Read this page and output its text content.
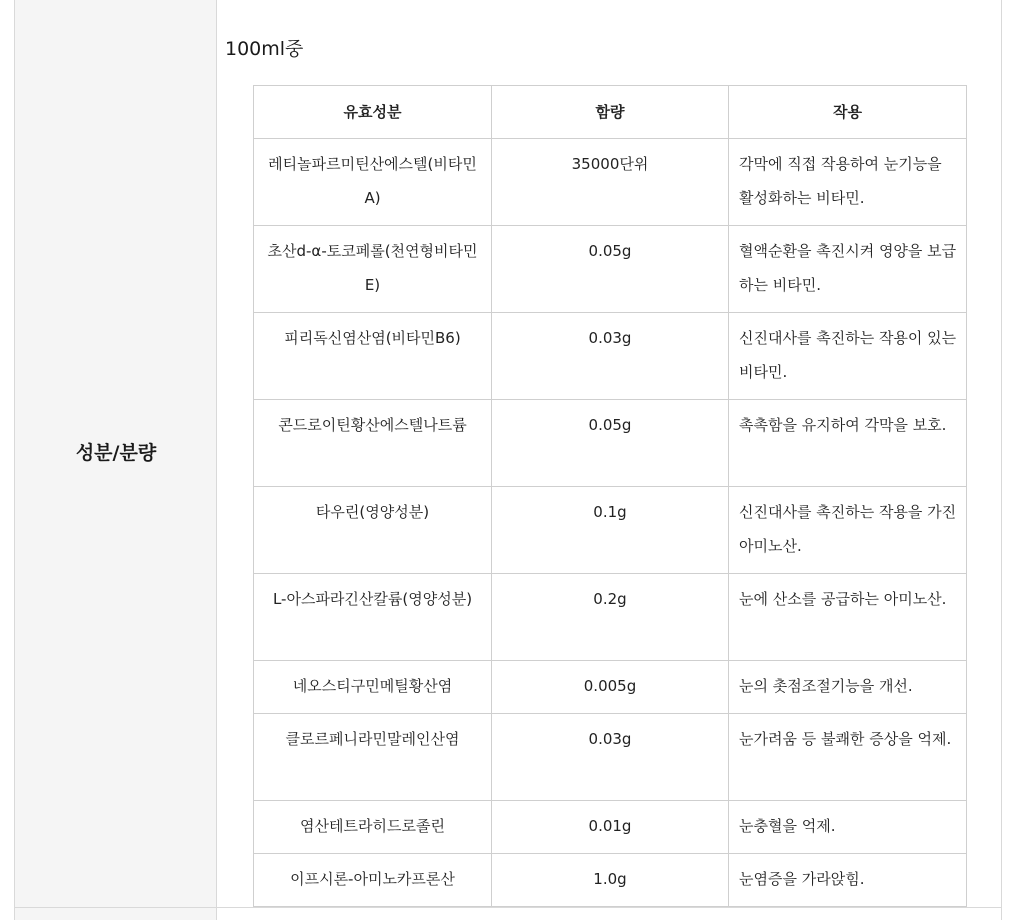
성분/분량
100ml중
유효성분	함량	작용
레티놀파르미틴산에스텔(비타민A)	35000단위	각막에 직접 작용하여 눈기능을 활성화하는 비타민.
초산d-α-토코페롤(천연형비타민E)	0.05g	혈액순환을 촉진시켜 영양을 보급하는 비타민.
피리독신염산염(비타민B6)	0.03g	신진대사를 촉진하는 작용이 있는 비타민.
콘드로이틴황산에스텔나트륨	0.05g	촉촉함을 유지하여 각막을 보호.
타우린(영양성분)	0.1g	신진대사를 촉진하는 작용을 가진 아미노산.
L-아스파라긴산칼륨(영양성분)	0.2g	눈에 산소를 공급하는 아미노산.
네오스티구민메틸황산염	0.005g	눈의 촛점조절기능을 개선.
클로르페니라민말레인산염	0.03g	눈가려움 등 불쾌한 증상을 억제.
염산테트라히드로졸린	0.01g	눈충혈을 억제.
이프시론-아미노카프론산	1.0g	눈염증을 가라앉힘.
